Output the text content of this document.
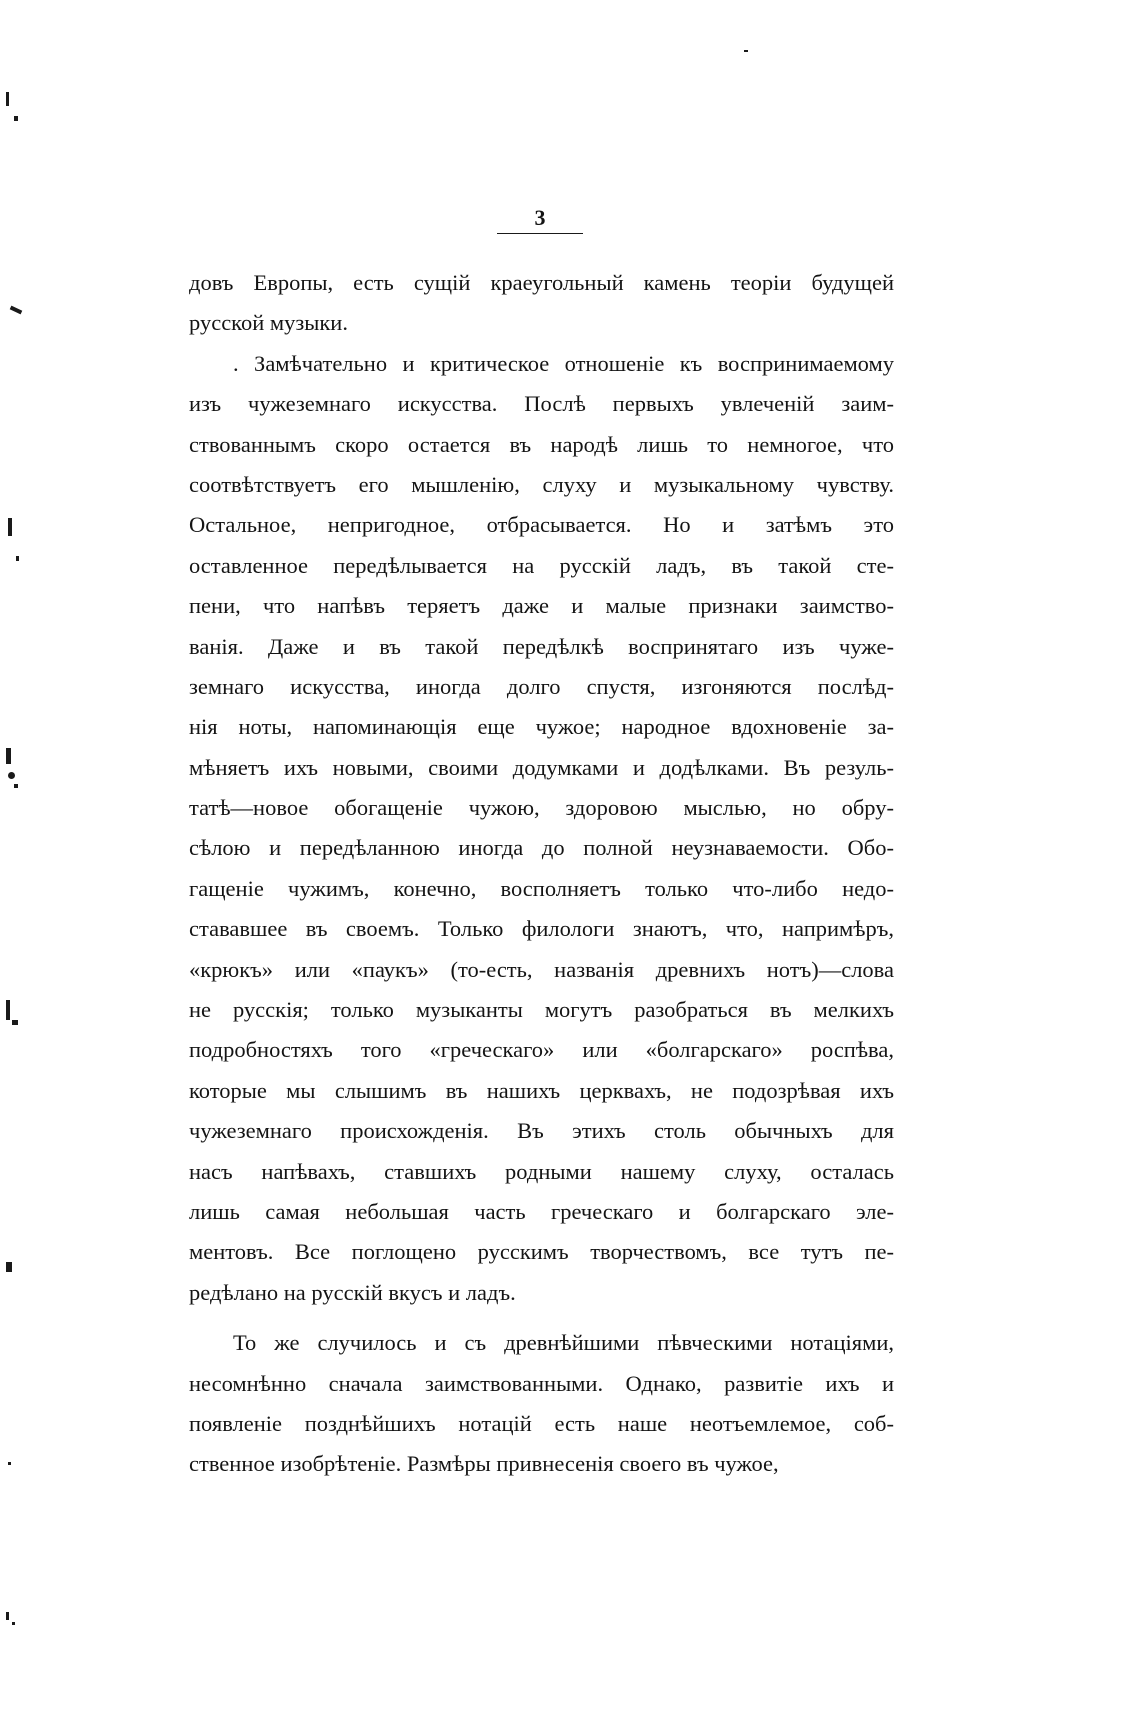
3
довъ Европы, есть сущій краеугольный камень теоріи будущей
русской музыки.
. Замѣчательно и критическое отношеніе къ воспринимаемому
изъ чужеземнаго искусства. Послѣ первыхъ увлеченій заим-
ствованнымъ скоро остается въ народѣ лишь то немногое, что
соотвѣтствуетъ его мышленію, слуху и музыкальному чувству.
Остальное, непригодное, отбрасывается. Но и затѣмъ это
оставленное передѣлывается на русскій ладъ, въ такой сте-
пени, что напѣвъ теряетъ даже и малые признаки заимство-
ванія. Даже и въ такой передѣлкѣ воспринятаго изъ чуже-
земнаго искусства, иногда долго спустя, изгоняются послѣд-
нія ноты, напоминающія еще чужое; народное вдохновеніе за-
мѣняетъ ихъ новыми, своими додумками и додѣлками. Въ резуль-
татѣ—новое обогащеніе чужою, здоровою мыслью, но обру-
сѣлою и передѣланною иногда до полной неузнаваемости. Обо-
гащеніе чужимъ, конечно, восполняетъ только что-либо недо-
стававшее въ своемъ. Только филологи знаютъ, что, напримѣръ,
«крюкъ» или «паукъ» (то-есть, названія древнихъ нотъ)—слова
не русскія; только музыканты могутъ разобраться въ мелкихъ
подробностяхъ того «греческаго» или «болгарскаго» роспѣва,
которые мы слышимъ въ нашихъ церквахъ, не подозрѣвая ихъ
чужеземнаго происхожденія. Въ этихъ столь обычныхъ для
насъ напѣвахъ, ставшихъ родными нашему слуху, осталась
лишь самая небольшая часть греческаго и болгарскаго эле-
ментовъ. Все поглощено русскимъ творчествомъ, все тутъ пе-
редѣлано на русскій вкусъ и ладъ.
То же случилось и съ древнѣйшими пѣвческими нотаціями,
несомнѣнно сначала заимствованными. Однако, развитіе ихъ и
появленіе позднѣйшихъ нотацій есть наше неотъемлемое, соб-
ственное изобрѣтеніе. Размѣры привнесенія своего въ чужое,
